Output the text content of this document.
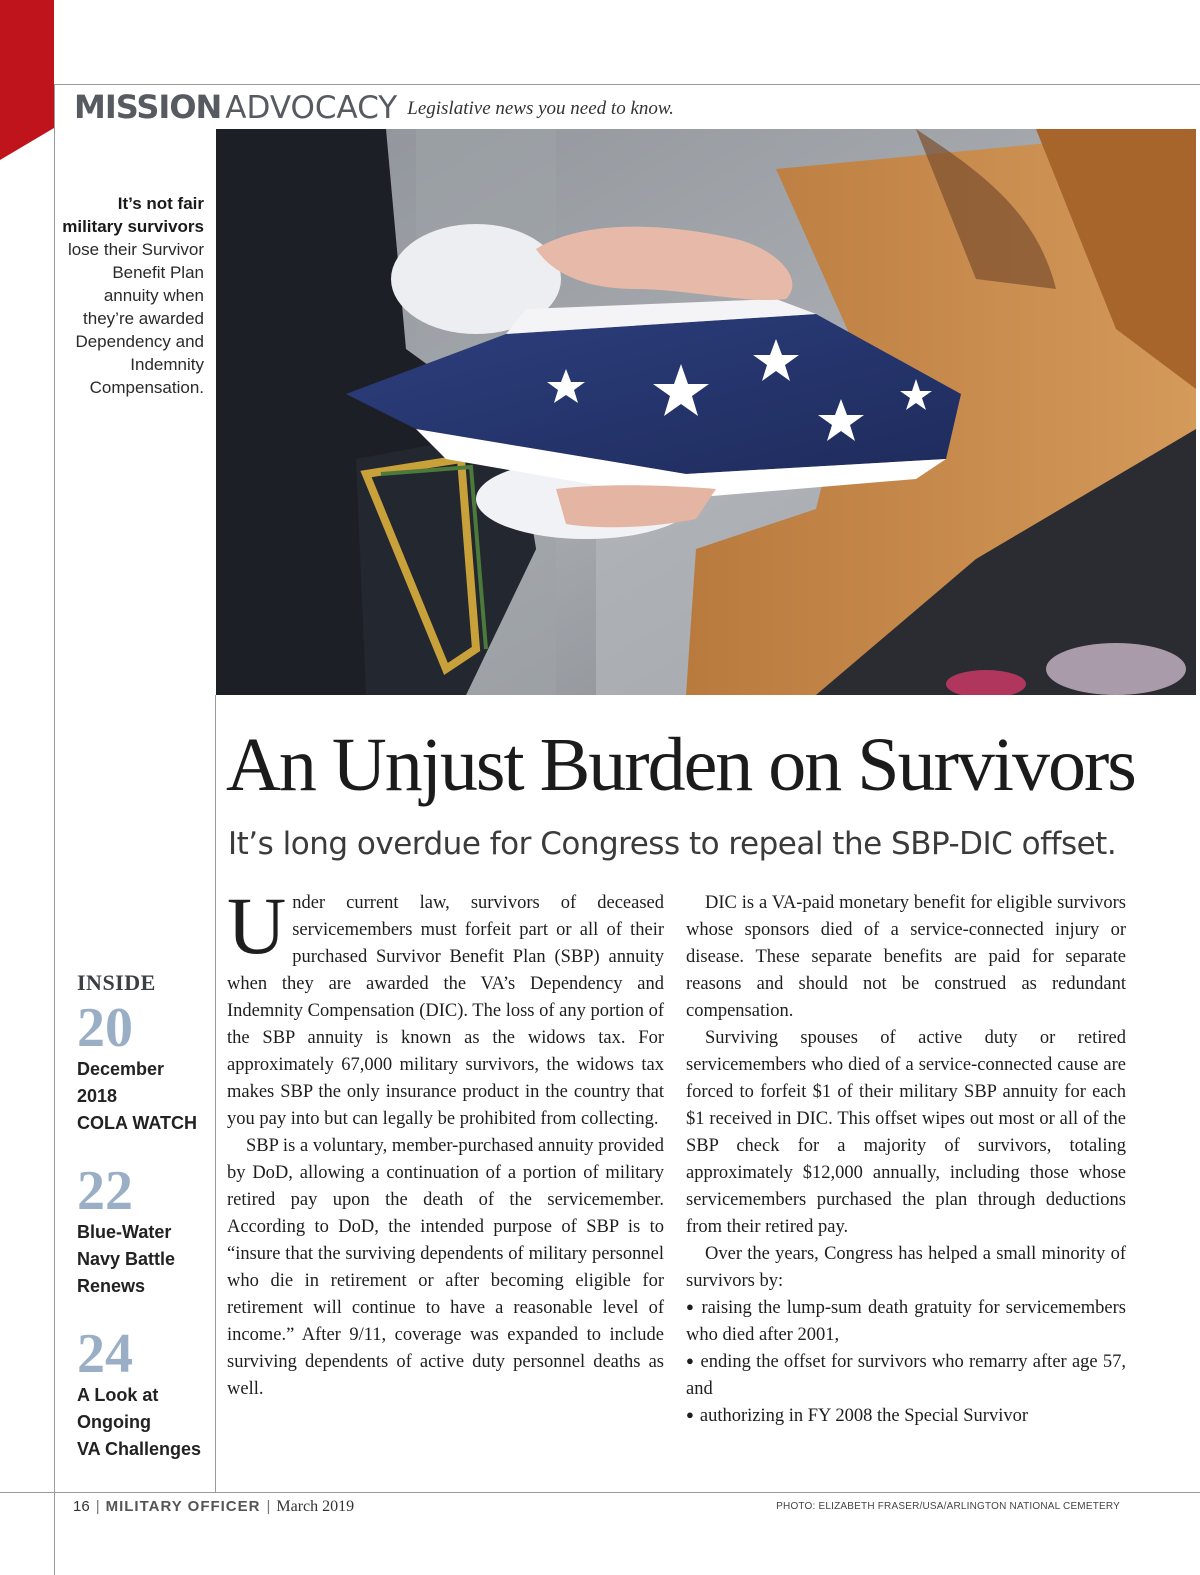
MISSION ADVOCACY Legislative news you need to know.
It’s not fair military survivors lose their Survivor Benefit Plan annuity when they’re awarded Dependency and Indemnity Compensation.
An Unjust Burden on Survivors
It’s long overdue for Congress to repeal the SBP-DIC offset.
INSIDE
20
December
2018
COLA WATCH
22
Blue-Water
Navy Battle
Renews
24
A Look at
Ongoing
VA Challenges

Under current law, survivors of deceased servicemembers must forfeit part or all of their purchased Survivor Benefit Plan (SBP) annuity when they are awarded the VA’s Dependency and Indemnity Compensation (DIC). The loss of any portion of the SBP annuity is known as the widows tax. For approximately 67,000 military survivors, the widows tax makes SBP the only insurance product in the country that you pay into but can legally be prohibited from collecting.

SBP is a voluntary, member-purchased annuity provided by DoD, allowing a continuation of a portion of military retired pay upon the death of the servicemember. According to DoD, the intended purpose of SBP is to “insure that the surviving dependents of military personnel who die in retirement or after becoming eligible for retirement will continue to have a reasonable level of income.” After 9/11, coverage was expanded to include surviving dependents of active duty personnel deaths as well.

DIC is a VA-paid monetary benefit for eligible survivors whose sponsors died of a service-connected injury or disease. These separate benefits are paid for separate reasons and should not be construed as redundant compensation.

Surviving spouses of active duty or retired servicemembers who died of a service-connected cause are forced to forfeit $1 of their military SBP annuity for each $1 received in DIC. This offset wipes out most or all of the SBP check for a majority of survivors, totaling approximately $12,000 annually, including those whose servicemembers purchased the plan through deductions from their retired pay.

Over the years, Congress has helped a small minority of survivors by:

● raising the lump-sum death gratuity for servicemembers who died after 2001,
● ending the offset for survivors who remarry after age 57, and
● authorizing in FY 2008 the Special Survivor
16 | MILITARY OFFICER | March 2019	PHOTO: ELIZABETH FRASER/USA/ARLINGTON NATIONAL CEMETERY
